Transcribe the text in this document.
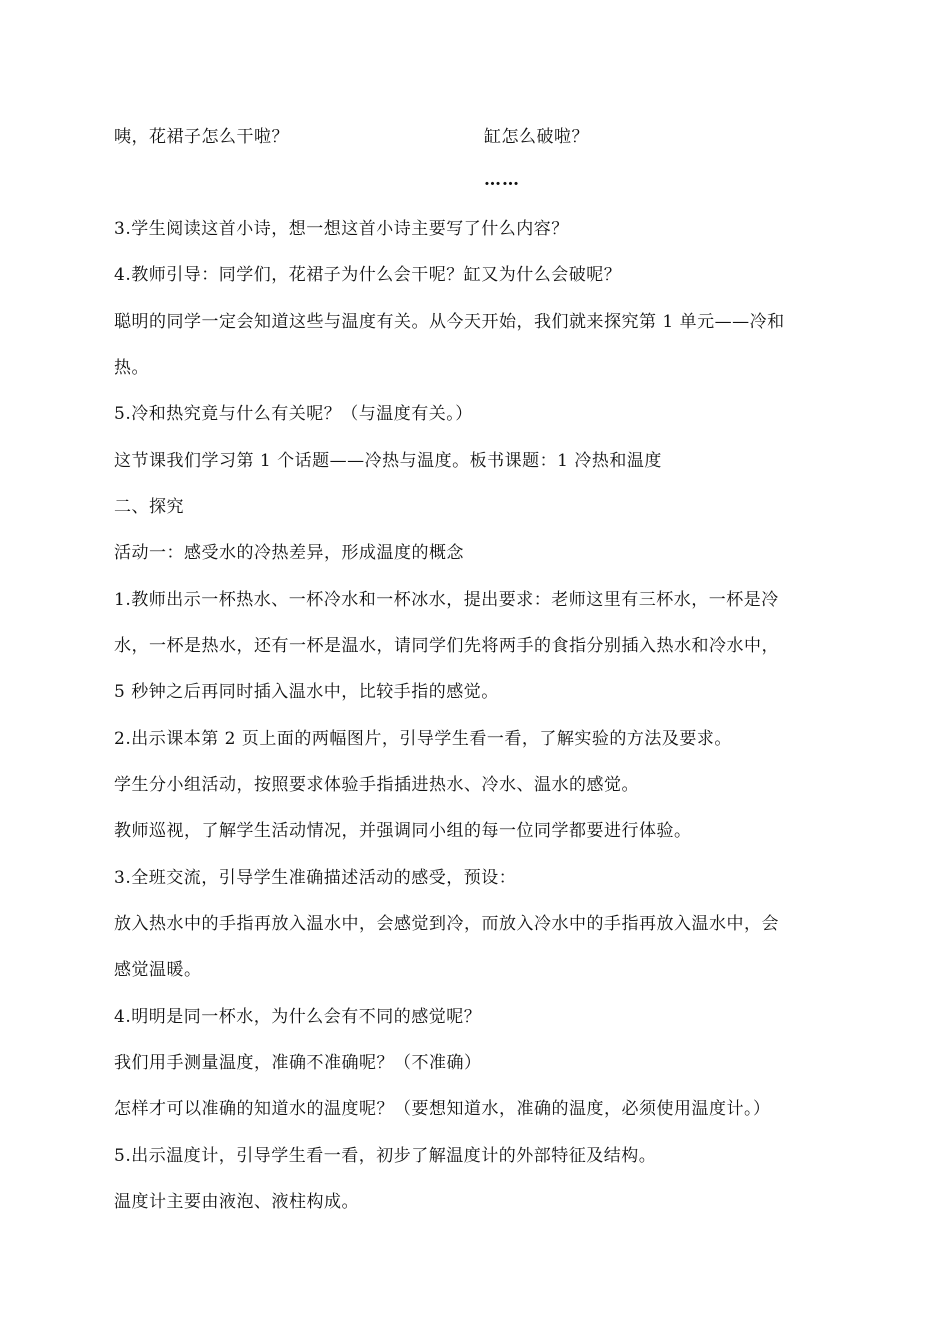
咦，花裙子怎么干啦？	缸怎么破啦？
……
3.学生阅读这首小诗，想一想这首小诗主要写了什么内容？
4.教师引导：同学们，花裙子为什么会干呢？缸又为什么会破呢？
聪明的同学一定会知道这些与温度有关。从今天开始，我们就来探究第 1 单元——冷和
热。
5.冷和热究竟与什么有关呢？（与温度有关。）
这节课我们学习第 1 个话题——冷热与温度。板书课题：1 冷热和温度
二、探究
活动一：感受水的冷热差异，形成温度的概念
1.教师出示一杯热水、一杯冷水和一杯冰水，提出要求：老师这里有三杯水，一杯是冷
水，一杯是热水，还有一杯是温水，请同学们先将两手的食指分别插入热水和冷水中，
5 秒钟之后再同时插入温水中，比较手指的感觉。
2.出示课本第 2 页上面的两幅图片，引导学生看一看，了解实验的方法及要求。
学生分小组活动，按照要求体验手指插进热水、冷水、温水的感觉。
教师巡视，了解学生活动情况，并强调同小组的每一位同学都要进行体验。
3.全班交流，引导学生准确描述活动的感受，预设：
放入热水中的手指再放入温水中，会感觉到冷，而放入冷水中的手指再放入温水中，会
感觉温暖。
4.明明是同一杯水，为什么会有不同的感觉呢？
我们用手测量温度，准确不准确呢？（不准确）
怎样才可以准确的知道水的温度呢？（要想知道水，准确的温度，必须使用温度计。）
5.出示温度计，引导学生看一看，初步了解温度计的外部特征及结构。
温度计主要由液泡、液柱构成。
